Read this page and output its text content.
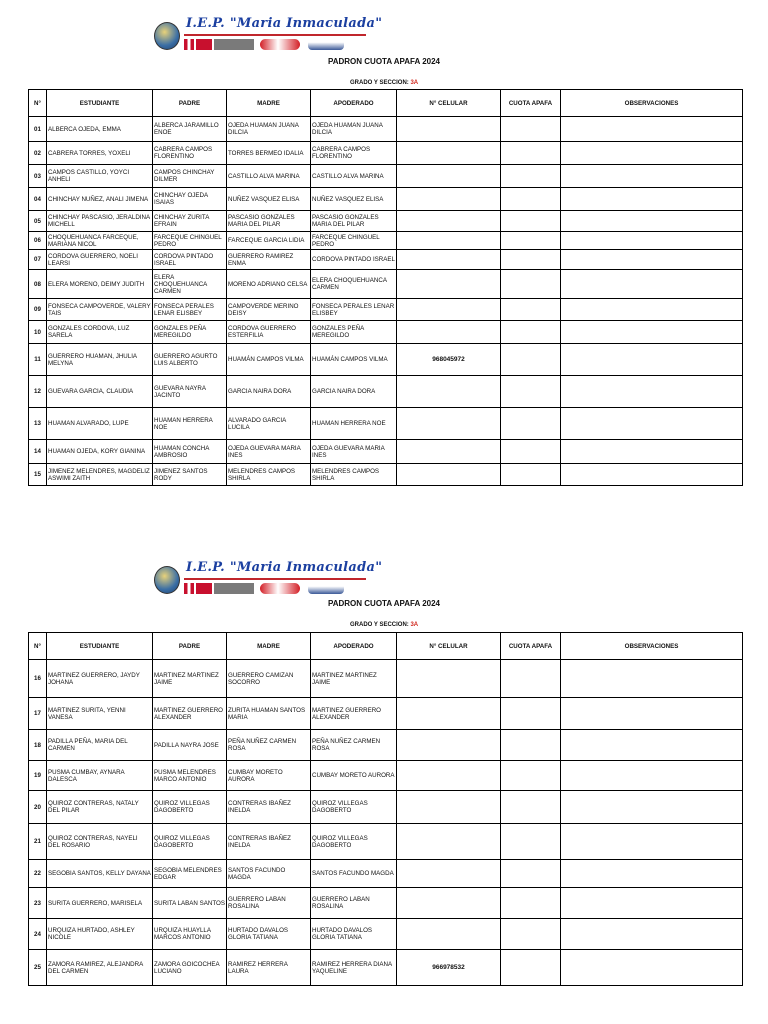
I.E.P. "Maria Inmaculada"
PADRON CUOTA APAFA 2024
GRADO Y SECCION: 3A
N°	ESTUDIANTE	PADRE	MADRE	APODERADO	N° CELULAR	CUOTA APAFA	OBSERVACIONES
01	ALBERCA OJEDA, EMMA	ALBERCA JARAMILLO ENOE	OJEDA HUAMAN JUANA DILCIA	OJEDA HUAMAN JUANA DILCIA			
02	CABRERA TORRES, YOXELI	CABRERA CAMPOS FLORENTINO	TORRES BERMEO IDALIA	CABRERA CAMPOS FLORENTINO			
03	CAMPOS CASTILLO, YOYCI ANHELI	CAMPOS CHINCHAY DILMER	CASTILLO ALVA MARINA	CASTILLO ALVA MARINA			
04	CHINCHAY NUÑEZ, ANALI JIMENA	CHINCHAY OJEDA ISAIAS	NUÑEZ VASQUEZ ELISA	NUÑEZ VASQUEZ ELISA			
05	CHINCHAY PASCASIO, JERALDINA MICHELL	CHINCHAY ZURITA EFRAIN	PASCASIO GONZALES MARIA DEL PILAR	PASCASIO GONZALES MARIA DEL PILAR			
06	CHOQUEHUANCA FARCEQUE, MARIANA NICOL	FARCEQUE CHINGUEL PEDRO	FARCEQUE GARCIA LIDIA	FARCEQUE CHINGUEL PEDRO			
07	CORDOVA GUERRERO, NOELI LEARSI	CORDOVA PINTADO ISRAEL	GUERRERO RAMIREZ ENMA	CORDOVA PINTADO ISRAEL			
08	ELERA MORENO, DEIMY JUDITH	ELERA CHOQUEHUANCA CARMEN	MORENO ADRIANO CELSA	ELERA CHOQUEHUANCA CARMEN			
09	FONSECA CAMPOVERDE, VALERY TAIS	FONSECA PERALES LENAR ELISBEY	CAMPOVERDE MERINO DEISY	FONSECA PERALES LENAR ELISBEY			
10	GONZALES CORDOVA, LUZ SARELA	GONZALES PEÑA MEREGILDO	CORDOVA GUERRERO ESTERFILIA	GONZALES PEÑA MEREGILDO			
11	GUERRERO HUAMAN, JHULIA MELYNA	GUERRERO AGURTO LUIS ALBERTO	HUAMÁN CAMPOS VILMA	HUAMÁN CAMPOS VILMA	968045972		
12	GUEVARA GARCIA, CLAUDIA	GUEVARA NAYRA JACINTO	GARCIA NAIRA DORA	GARCIA NAIRA DORA			
13	HUAMAN ALVARADO, LUPE	HUAMAN HERRERA NOE	ALVARADO GARCIA LUCILA	HUAMAN HERRERA NOE			
14	HUAMAN OJEDA, KORY GIANINA	HUAMAN CONCHA AMBROSIO	OJEDA GUEVARA MARIA INES	OJEDA GUEVARA MARIA INES			
15	JIMENEZ MELENDRES, MAGDELIZ ASWIMI ZAITH	JIMENEZ SANTOS RODY	MELENDRES CAMPOS SHIRLA	MELENDRES CAMPOS SHIRLA			
I.E.P. "Maria Inmaculada"
PADRON CUOTA APAFA 2024
GRADO Y SECCION: 3A
N°	ESTUDIANTE	PADRE	MADRE	APODERADO	N° CELULAR	CUOTA APAFA	OBSERVACIONES
16	MARTINEZ GUERRERO, JAYDY JOHANA	MARTINEZ MARTINEZ JAIME	GUERRERO CAMIZAN SOCORRO	MARTINEZ MARTINEZ JAIME			
17	MARTINEZ SURITA, YENNI VANESA	MARTINEZ GUERRERO ALEXANDER	ZURITA HUAMAN SANTOS MARIA	MARTINEZ GUERRERO ALEXANDER			
18	PADILLA PEÑA, MARIA DEL CARMEN	PADILLA NAYRA JOSE	PEÑA NUÑEZ CARMEN ROSA	PEÑA NUÑEZ CARMEN ROSA			
19	PUSMA CUMBAY, AYNARA DALESCA	PUSMA MELENDRES MARCO ANTONIO	CUMBAY MORETO AURORA	CUMBAY MORETO AURORA			
20	QUIROZ CONTRERAS, NATALY DEL PILAR	QUIROZ VILLEGAS DAGOBERTO	CONTRERAS IBAÑEZ INELDA	QUIROZ VILLEGAS DAGOBERTO			
21	QUIROZ CONTRERAS, NAYELI DEL ROSARIO	QUIROZ VILLEGAS DAGOBERTO	CONTRERAS IBAÑEZ INELDA	QUIROZ VILLEGAS DAGOBERTO			
22	SEGOBIA SANTOS, KELLY DAYANA	SEGOBIA MELENDRES EDGAR	SANTOS FACUNDO MAGDA	SANTOS FACUNDO MAGDA			
23	SURITA GUERRERO, MARISELA	SURITA LABAN SANTOS	GUERRERO LABAN ROSALINA	GUERRERO LABAN ROSALINA			
24	URQUIZA HURTADO, ASHLEY NICOLE	URQUIZA HUAYLLA MARCOS ANTONIO	HURTADO DAVALOS GLORIA TATIANA	HURTADO DAVALOS GLORIA TATIANA			
25	ZAMORA RAMIREZ, ALEJANDRA DEL CARMEN	ZAMORA GOICOCHEA LUCIANO	RAMIREZ HERRERA LAURA	RAMIREZ HERRERA DIANA YAQUELINE	966978532		
